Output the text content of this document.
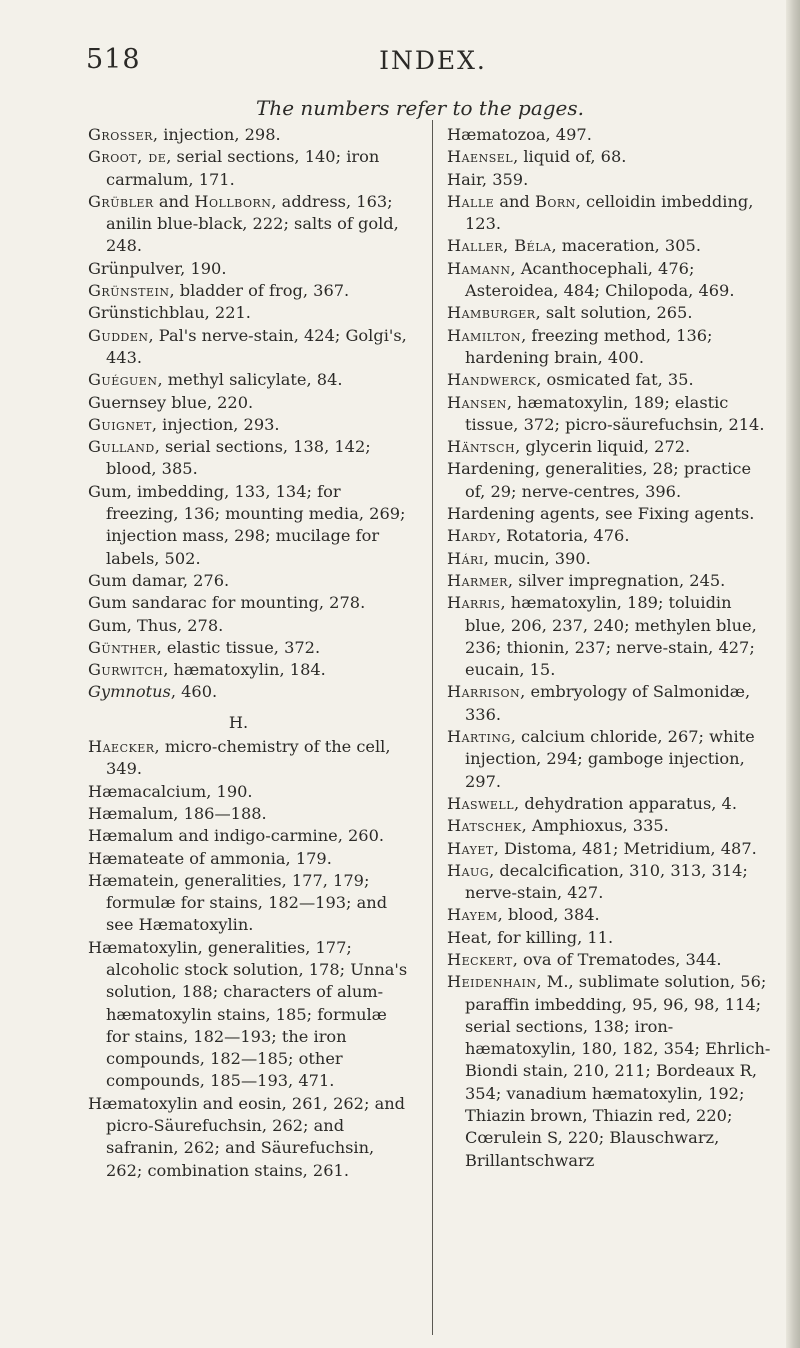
518	INDEX.
The numbers refer to the pages.

Grosser, injection, 298.

Groot, de, serial sections, 140; iron carmalum, 171.

Grübler and Hollborn, address, 163; anilin blue-black, 222; salts of gold, 248.

Grünpulver, 190.

Grünstein, bladder of frog, 367.

Grünstichblau, 221.

Gudden, Pal's nerve-stain, 424; Golgi's, 443.

Guéguen, methyl salicylate, 84.

Guernsey blue, 220.

Guignet, injection, 293.

Gulland, serial sections, 138, 142; blood, 385.

Gum, imbedding, 133, 134; for freezing, 136; mounting media, 269; injection mass, 298; mucilage for labels, 502.

Gum damar, 276.

Gum sandarac for mounting, 278.

Gum, Thus, 278.

Günther, elastic tissue, 372.

Gurwitch, hæmatoxylin, 184.

Gymnotus, 460.

H.

Haecker, micro-chemistry of the cell, 349.

Hæmacalcium, 190.

Hæmalum, 186—188.

Hæmalum and indigo-carmine, 260.

Hæmateate of ammonia, 179.

Hæmatein, generalities, 177, 179; formulæ for stains, 182—193; and see Hæmatoxylin.

Hæmatoxylin, generalities, 177; alcoholic stock solution, 178; Unna's solution, 188; characters of alum-hæmatoxylin stains, 185; formulæ for stains, 182—193; the iron compounds, 182—185; other compounds, 185—193, 471.

Hæmatoxylin and eosin, 261, 262; and picro-Säurefuchsin, 262; and safranin, 262; and Säurefuchsin, 262; combination stains, 261.

Hæmatozoa, 497.

Haensel, liquid of, 68.

Hair, 359.

Halle and Born, celloidin imbedding, 123.

Haller, Béla, maceration, 305.

Hamann, Acanthocephali, 476; Asteroidea, 484; Chilopoda, 469.

Hamburger, salt solution, 265.

Hamilton, freezing method, 136; hardening brain, 400.

Handwerck, osmicated fat, 35.

Hansen, hæmatoxylin, 189; elastic tissue, 372; picro-säurefuchsin, 214.

Häntsch, glycerin liquid, 272.

Hardening, generalities, 28; practice of, 29; nerve-centres, 396.

Hardening agents, see Fixing agents.

Hardy, Rotatoria, 476.

Hári, mucin, 390.

Harmer, silver impregnation, 245.

Harris, hæmatoxylin, 189; toluidin blue, 206, 237, 240; methylen blue, 236; thionin, 237; nerve-stain, 427; eucain, 15.

Harrison, embryology of Salmonidæ, 336.

Harting, calcium chloride, 267; white injection, 294; gamboge injection, 297.

Haswell, dehydration apparatus, 4.

Hatschek, Amphioxus, 335.

Hayet, Distoma, 481; Metridium, 487.

Haug, decalcification, 310, 313, 314; nerve-stain, 427.

Hayem, blood, 384.

Heat, for killing, 11.

Heckert, ova of Trematodes, 344.

Heidenhain, M., sublimate solution, 56; paraffin imbedding, 95, 96, 98, 114; serial sections, 138; iron-hæmatoxylin, 180, 182, 354; Ehrlich-Biondi stain, 210, 211; Bordeaux R, 354; vanadium hæmatoxylin, 192; Thiazin brown, Thiazin red, 220; Cœrulein S, 220; Blauschwarz, Brillantschwarz
